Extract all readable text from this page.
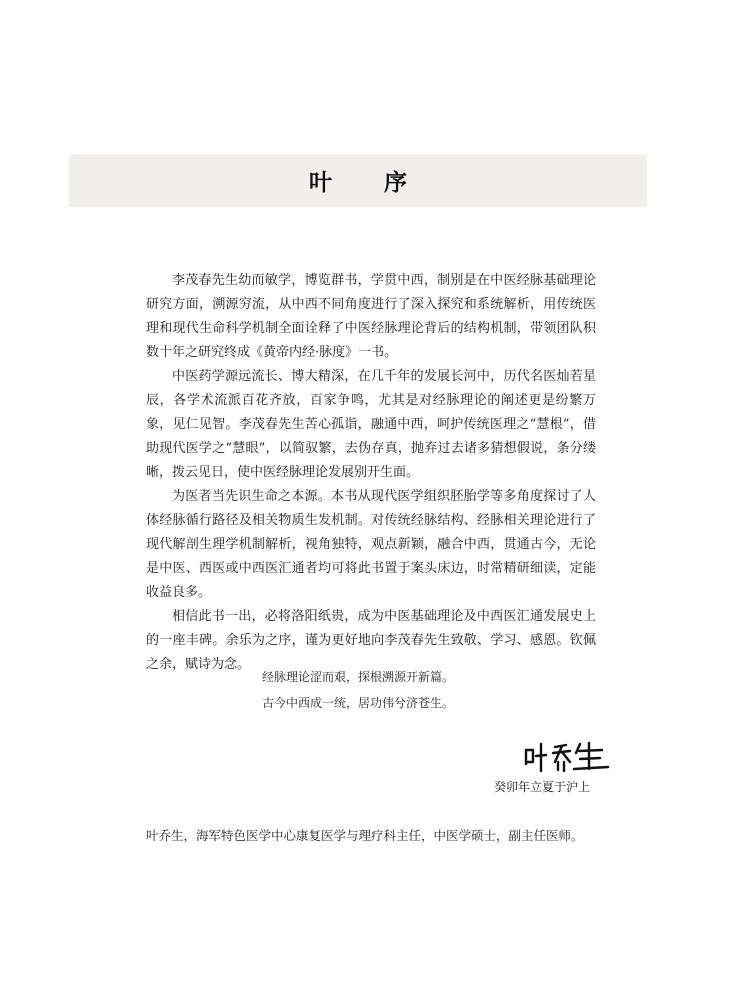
叶 序

李茂春先生幼而敏学，博览群书，学贯中西，制别是在中医经脉基础理论研究方面，溯源穷流，从中西不同角度进行了深入探究和系统解析，用传统医理和现代生命科学机制全面诠释了中医经脉理论背后的结构机制，带领团队积数十年之研究终成《黄帝内经·脉度》一书。

中医药学源远流长、博大精深，在几千年的发展长河中，历代名医灿若星辰，各学术流派百花齐放，百家争鸣，尤其是对经脉理论的阐述更是纷繁万象，见仁见智。李茂春先生苦心孤诣，融通中西，呵护传统医理之“慧根”，借助现代医学之“慧眼”，以简驭繁，去伪存真，抛弃过去诸多猜想假说，条分缕晰，拨云见日，使中医经脉理论发展别开生面。

为医者当先识生命之本源。本书从现代医学组织胚胎学等多角度探讨了人体经脉循行路径及相关物质生发机制。对传统经脉结构、经脉相关理论进行了现代解剖生理学机制解析，视角独特，观点新颖，融合中西，贯通古今，无论是中医、西医或中西医汇通者均可将此书置于案头床边，时常精研细读，定能收益良多。

相信此书一出，必将洛阳纸贵，成为中医基础理论及中西医汇通发展史上的一座丰碑。余乐为之序，谨为更好地向李茂春先生致敬、学习、感恩。钦佩之余，赋诗为念。

经脉理论涩而艰，探根溯源开新篇。
古今中西成一统，居功伟兮济苍生。
癸卯年立夏于沪上
叶乔生，海军特色医学中心康复医学与理疗科主任，中医学硕士，副主任医师。
